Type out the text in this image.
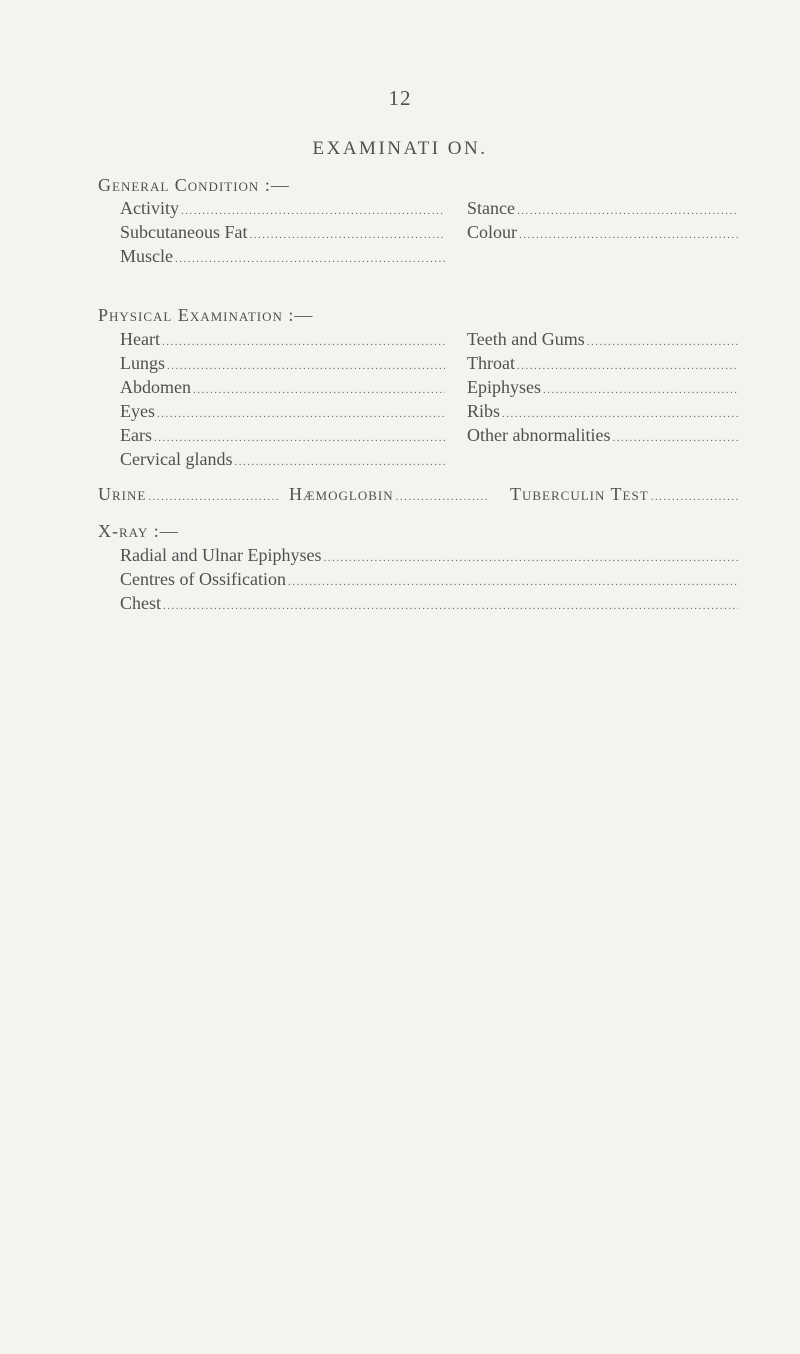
12
EXAMINATI ON.
General Condition :—
Activity
.....
Subcutaneous Fat
.....
Muscle
.....
Stance
.....
Colour
.....
Physical Examination :—
Heart
.....
Lungs
.....
Abdomen
.....
Eyes
.....
Ears
.....
Cervical glands
.....
Teeth and Gums
.....
Throat
.....
Epiphyses
.....
Ribs
.....
Other abnormalities
.....
Urine .....	Hæmoglobin .....	Tuberculin Test
.....
X-ray :—
Radial and Ulnar Epiphyses
.....
Centres of Ossification
.....
Chest
.....
